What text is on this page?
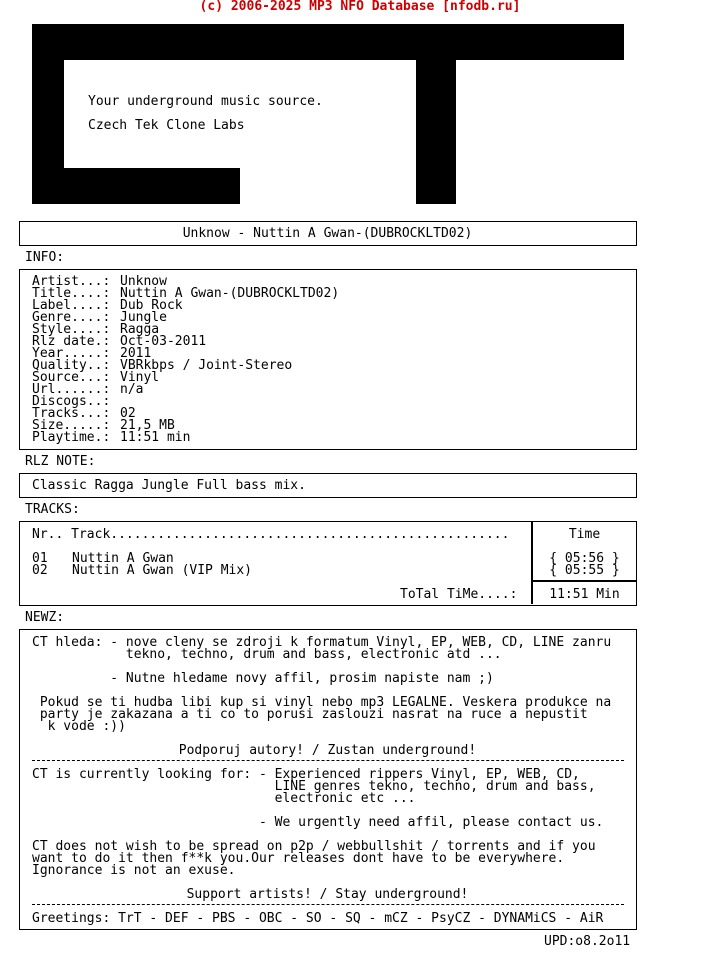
(c) 2006-2025 MP3 NFO Database [nfodb.ru]
Your underground music source.
Czech Tek Clone Labs
Unknow - Nuttin A Gwan-(DUBROCKLTD02)
INFO:
Artist...: Unknow
Title....: Nuttin A Gwan-(DUBROCKLTD02)
Label....: Dub Rock
Genre....: Jungle
Style....: Ragga
Rlz date.: Oct-03-2011
Year.....: 2011
Quality..: VBRkbps / Joint-Stereo
Source...: Vinyl
Url......: n/a
Discogs..:
Tracks...: 02
Size.....: 21,5 MB
Playtime.: 11:51 min
RLZ NOTE:
Classic Ragga Jungle Full bass mix.
TRACKS:
Nr.. Track...................................................	Time
01 Nuttin A Gwan	{ 05:56 }
02 Nuttin A Gwan (VIP Mix)	{ 05:55 }
ToTal TiMe....:	11:51 Min
NEWZ:
CT hleda: - nove cleny se zdroji k formatum Vinyl, EP, WEB, CD, LINE zanru
tekno, techno, drum and bass, electronic atd ...
- Nutne hledame novy affil, prosim napiste nam ;)
Pokud se ti hudba libi kup si vinyl nebo mp3 LEGALNE. Veskera produkce na
party je zakazana a ti co to porusi zaslouzi nasrat na ruce a nepustit
k vode :))
Podporuj autory! / Zustan underground!
CT is currently looking for: - Experienced rippers Vinyl, EP, WEB, CD,
LINE genres tekno, techno, drum and bass,
electronic etc ...
- We urgently need affil, please contact us.
CT does not wish to be spread on p2p / webbullshit / torrents and if you
want to do it then f**k you.Our releases dont have to be everywhere.
Ignorance is not an exuse.
Support artists! / Stay underground!
Greetings: TrT - DEF - PBS - OBC - SO - SQ - mCZ - PsyCZ - DYNAMiCS - AiR
UPD:o8.2o11
